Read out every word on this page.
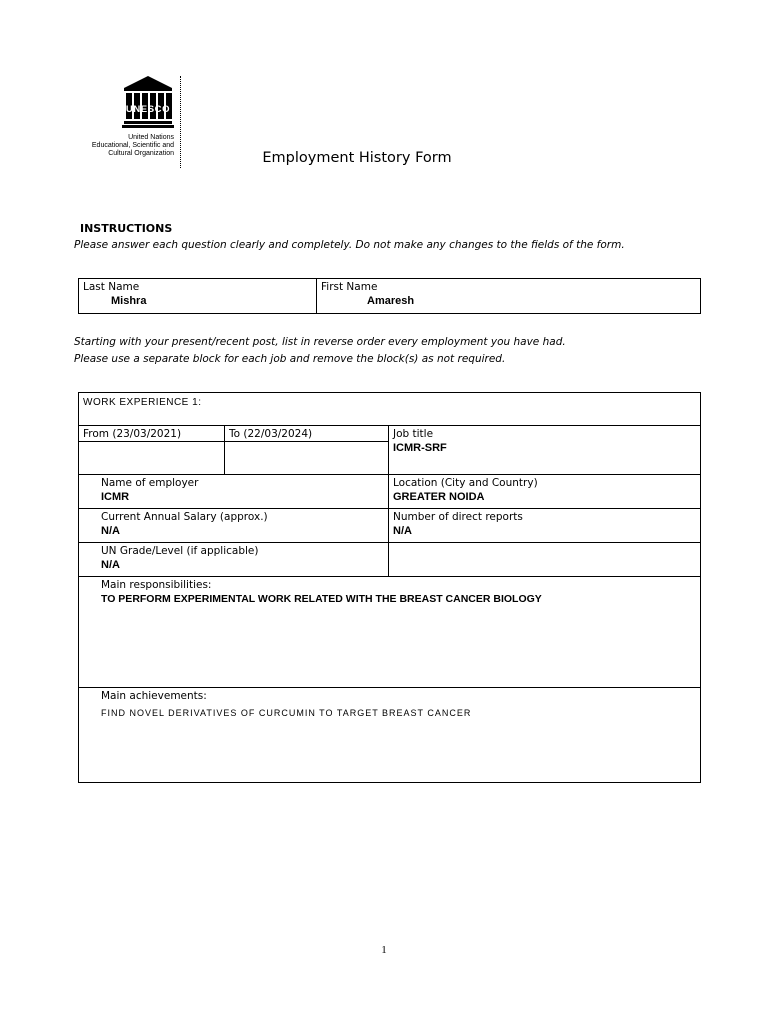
UNESCO
United Nations
Educational, Scientific and
Cultural Organization	Employment History Form
INSTRUCTIONS
Please answer each question clearly and completely. Do not make any changes to the fields of the form.
Last Name
Mishra

First Name
Amaresh
Starting with your present/recent post, list in reverse order every employment you have had.
Please use a separate block for each job and remove the block(s) as not required.
WORK EXPERIENCE 1:		

From (23/03/2021)	To (22/03/2024)	Job title
ICMR-SRF

Name of employer
ICMR		Location (City and Country)
GREATER NOIDA

Current Annual Salary (approx.)
N/A		Number of direct reports
N/A

UN Grade/Level (if applicable)
N/A		

Main responsibilities:
TO PERFORM EXPERIMENTAL WORK RELATED WITH THE BREAST CANCER BIOLOGY		

Main achievements:
FIND NOVEL DERIVATIVES OF CURCUMIN TO TARGET BREAST CANCER		
1
